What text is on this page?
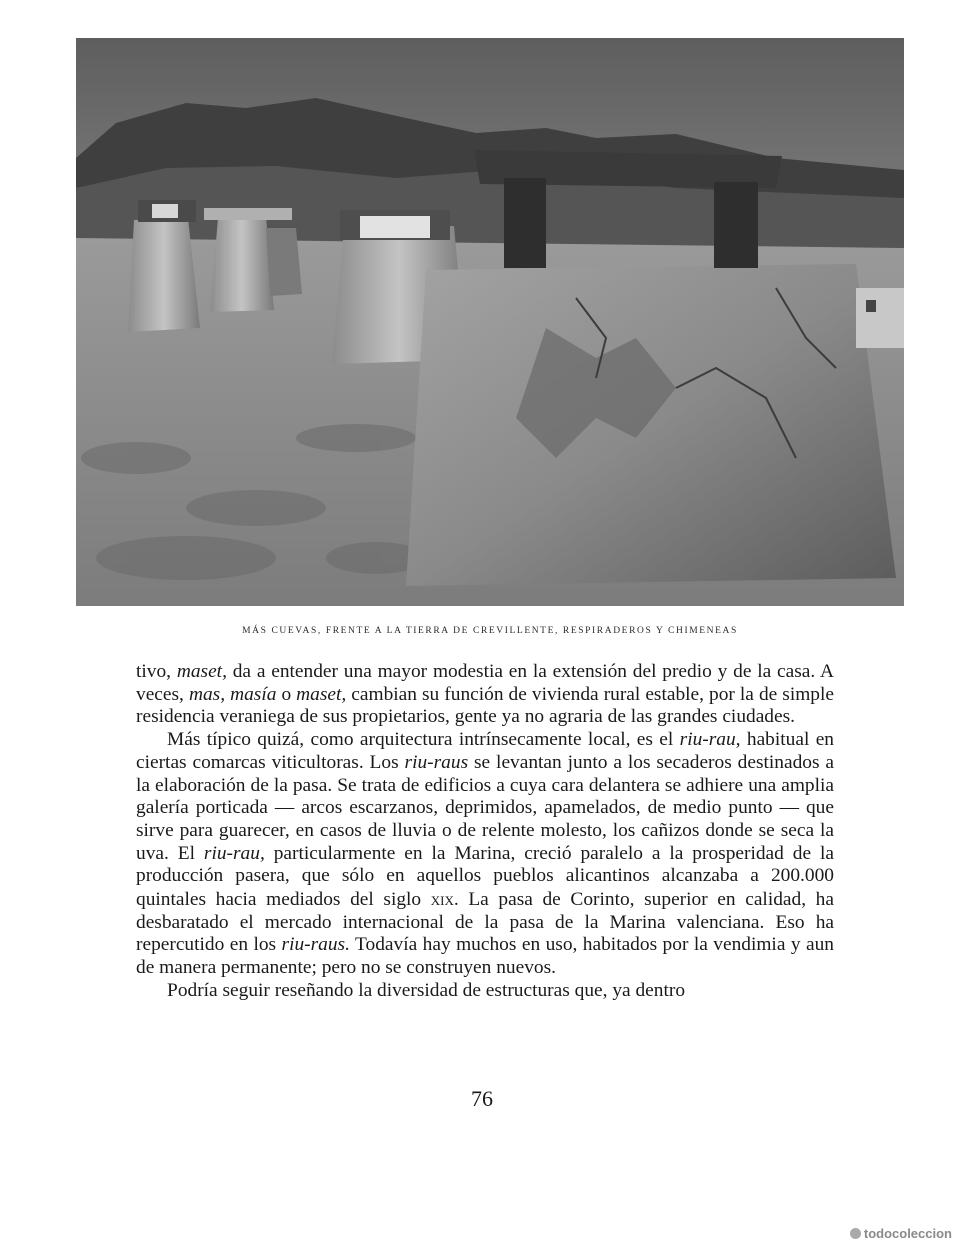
MÁS CUEVAS, FRENTE A LA TIERRA DE CREVILLENTE, RESPIRADEROS Y CHIMENEAS

tivo, maset, da a entender una mayor modestia en la extensión del predio y de la casa. A veces, mas, masía o maset, cambian su función de vivienda rural estable, por la de simple residencia veraniega de sus propietarios, gente ya no agraria de las grandes ciudades.

Más típico quizá, como arquitectura intrínsecamente local, es el riu-rau, habitual en ciertas comarcas viticultoras. Los riu-raus se levantan junto a los secaderos destinados a la elaboración de la pasa. Se trata de edificios a cuya cara delantera se adhiere una amplia galería porticada — arcos escarzanos, deprimidos, apamelados, de medio punto — que sirve para guarecer, en casos de lluvia o de relente molesto, los cañizos donde se seca la uva. El riu-rau, particularmente en la Marina, creció paralelo a la prosperidad de la producción pasera, que sólo en aquellos pueblos alicantinos alcanzaba a 200.000 quintales hacia mediados del siglo xix. La pasa de Corinto, superior en calidad, ha desbaratado el mercado internacional de la pasa de la Marina valenciana. Eso ha repercutido en los riu-raus. Todavía hay muchos en uso, habitados por la vendimia y aun de manera permanente; pero no se construyen nuevos.

Podría seguir reseñando la diversidad de estructuras que, ya dentro

76
todocoleccion
